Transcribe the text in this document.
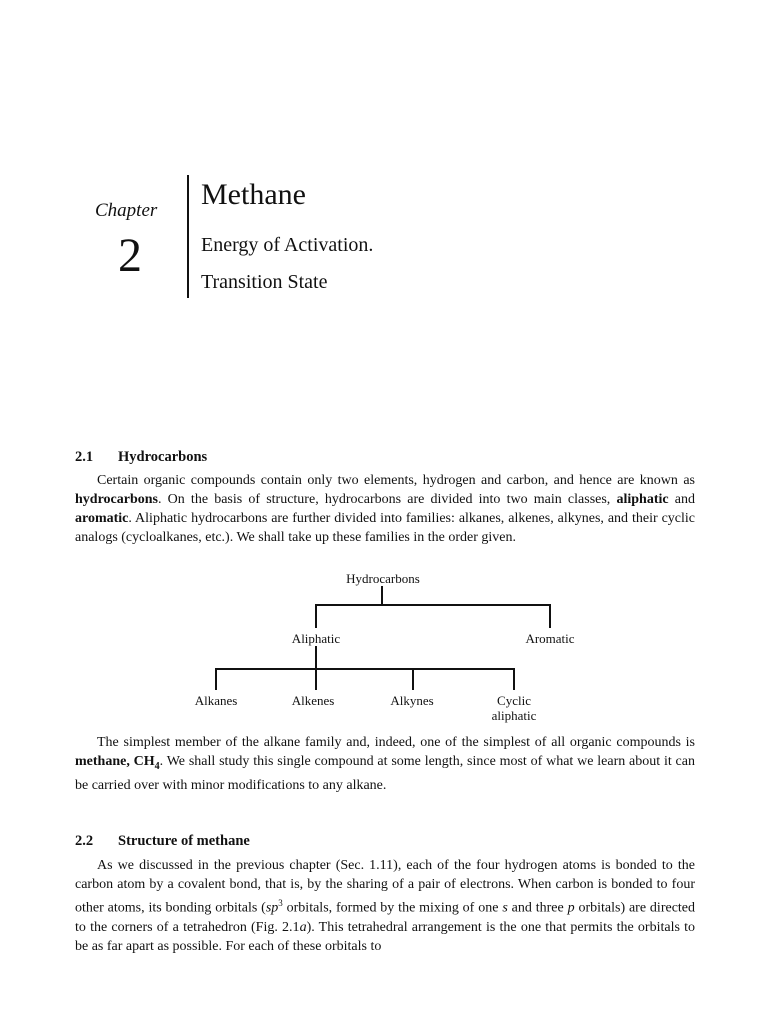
Chapter
2
Methane
Energy of Activation.
Transition State
2.1 Hydrocarbons

Certain organic compounds contain only two elements, hydrogen and carbon, and hence are known as hydrocarbons. On the basis of structure, hydrocarbons are divided into two main classes, aliphatic and aromatic. Aliphatic hydrocarbons are further divided into families: alkanes, alkenes, alkynes, and their cyclic analogs (cycloalkanes, etc.). We shall take up these families in the order given.

Hydrocarbons
Aliphatic	Aromatic
Alkanes	Alkenes	Alkynes	Cyclic
aliphatic

The simplest member of the alkane family and, indeed, one of the simplest of all organic compounds is methane, $CH_4$. We shall study this single compound at some length, since most of what we learn about it can be carried over with minor modifications to any alkane.

2.2 Structure of methane

As we discussed in the previous chapter (Sec. 1.11), each of the four hydrogen atoms is bonded to the carbon atom by a covalent bond, that is, by the sharing of a pair of electrons. When carbon is bonded to four other atoms, its bonding orbitals ($sp^3$ orbitals, formed by the mixing of one s and three p orbitals) are directed to the corners of a tetrahedron (Fig. 2.1a). This tetrahedral arrangement is the one that permits the orbitals to be as far apart as possible. For each of these orbitals to
